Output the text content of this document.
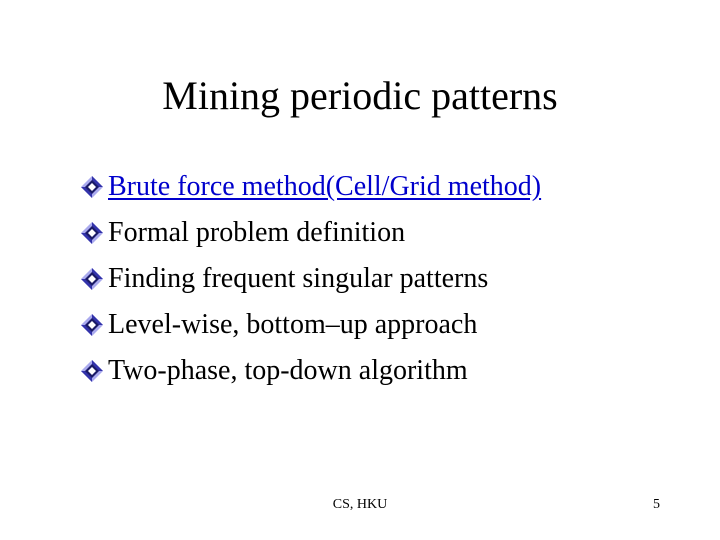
Mining periodic patterns
Brute force method(Cell/Grid method)
Formal problem definition
Finding frequent singular patterns
Level-wise, bottom–up approach
Two-phase, top-down algorithm
CS, HKU	5
